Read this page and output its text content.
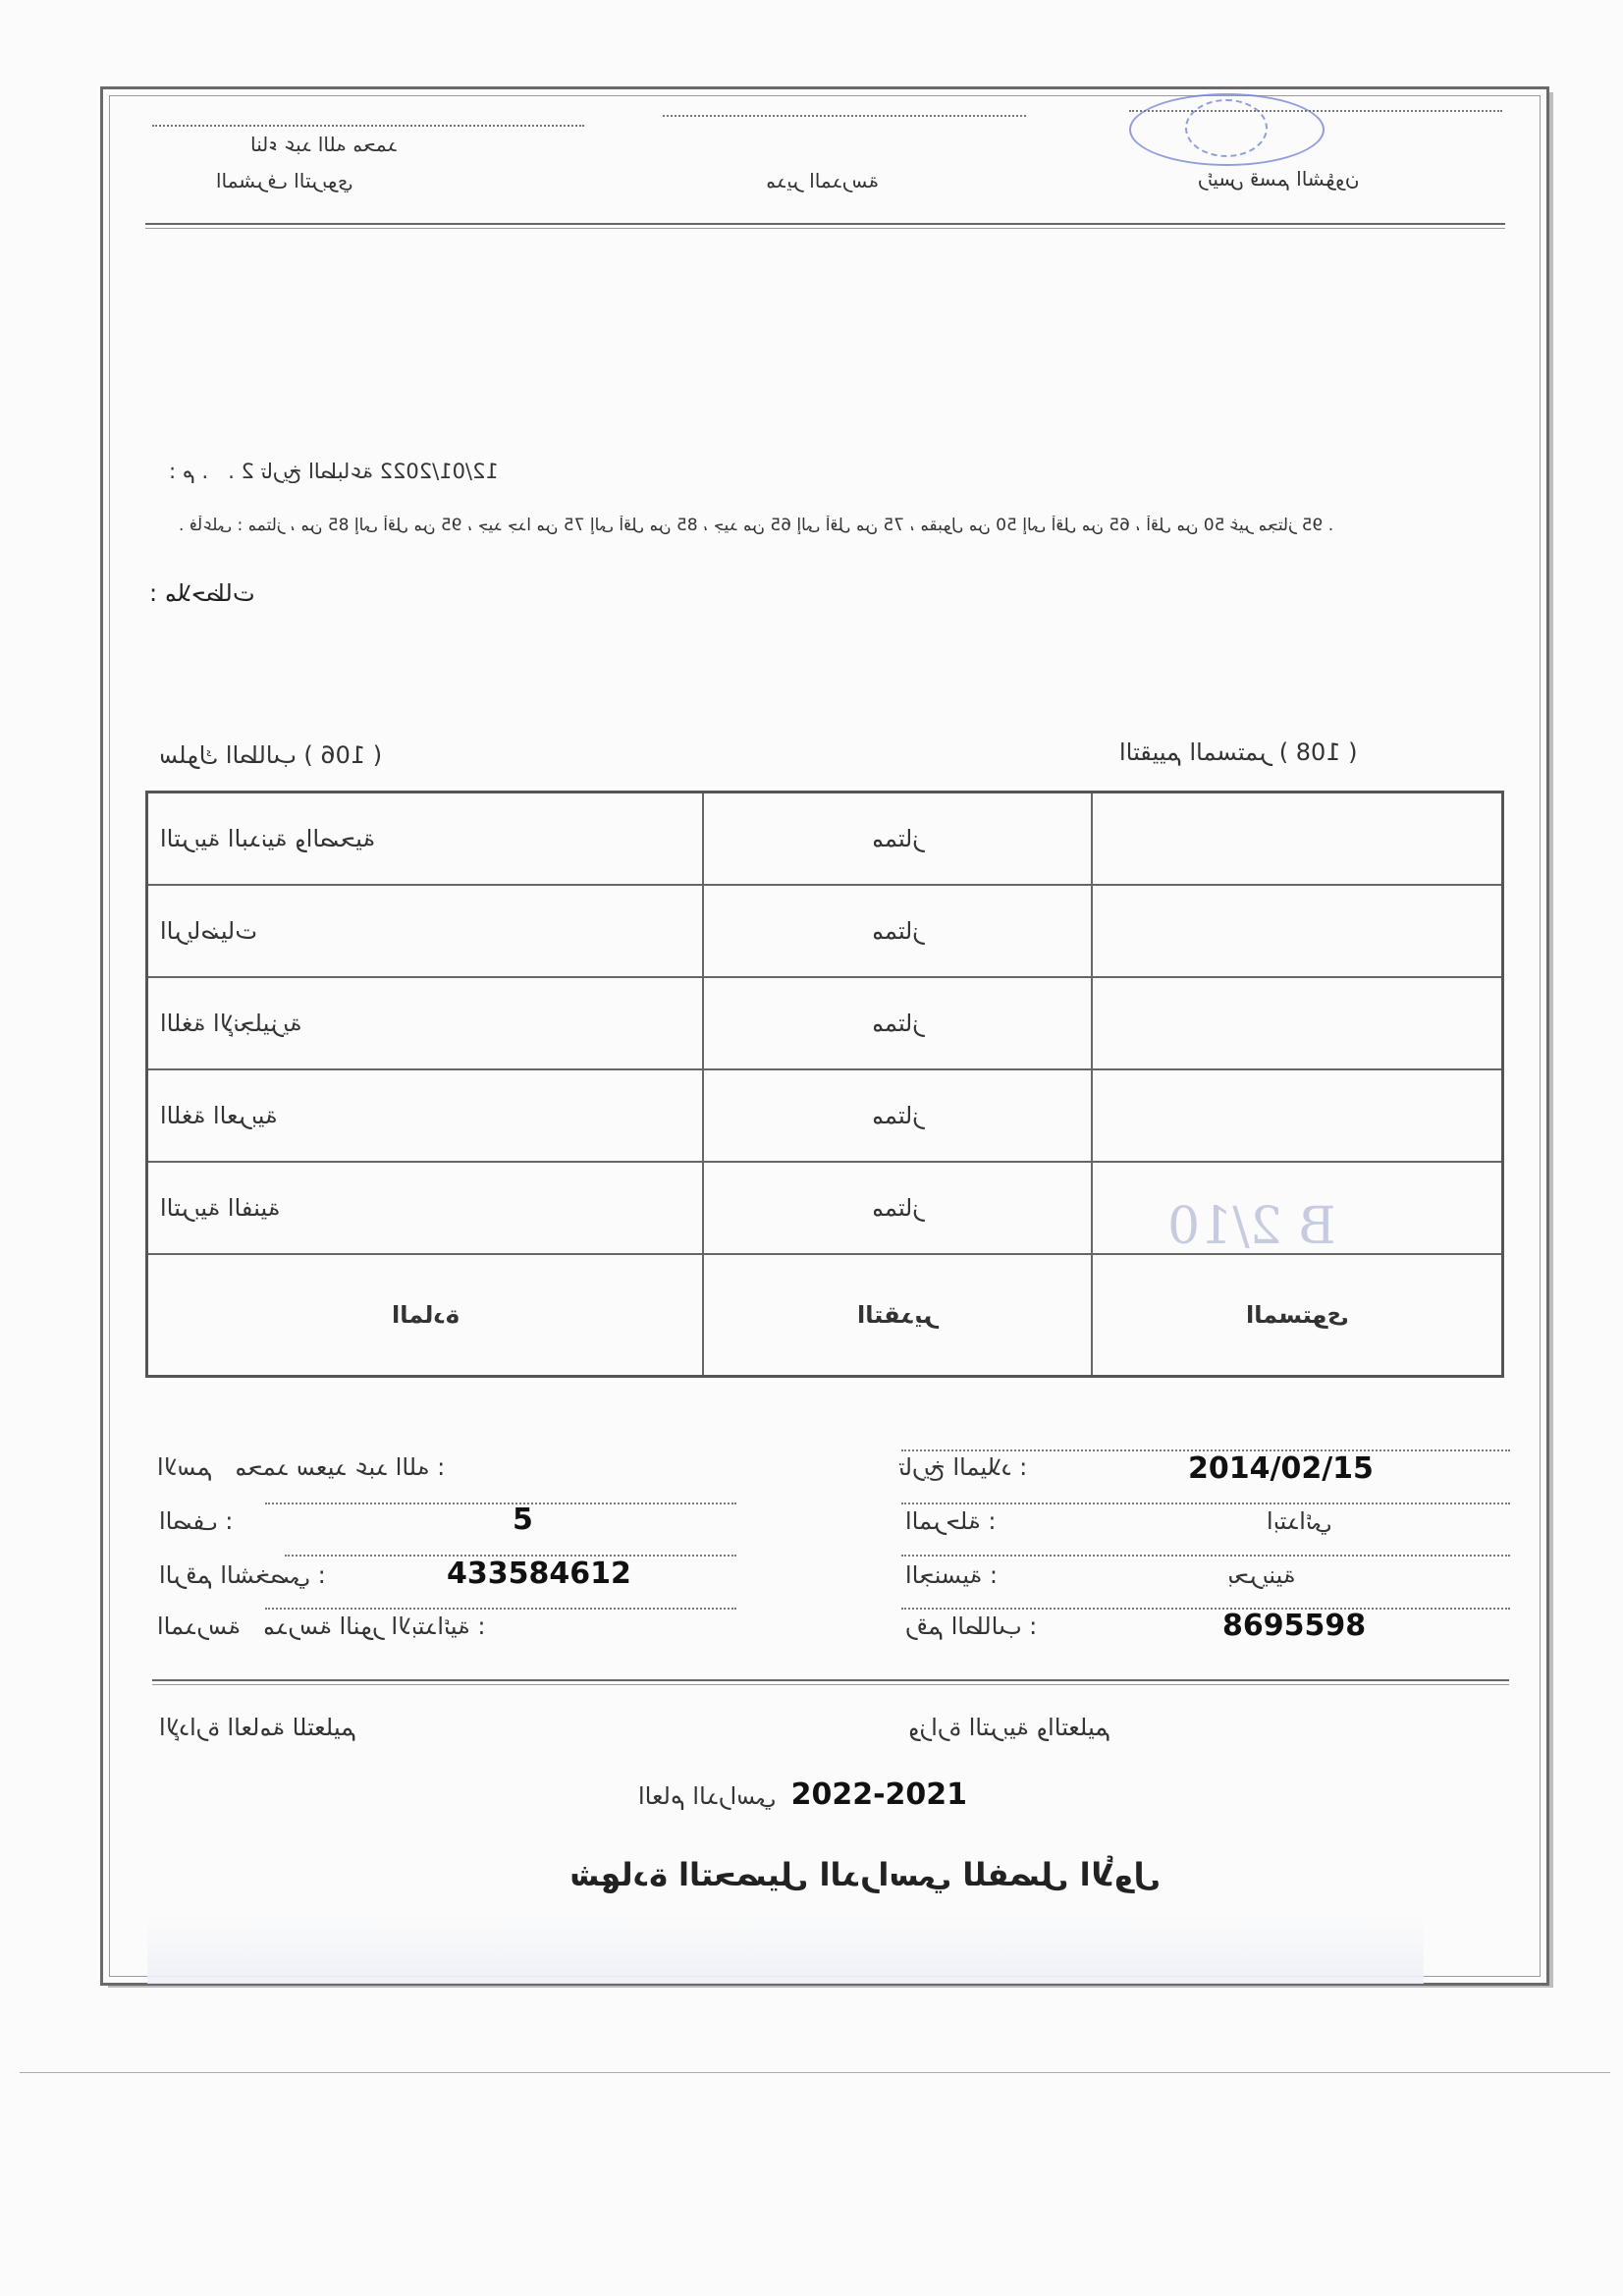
ﻟﻨﺎﺀ ﻋﺒﺪ ﺍﻟﻠﻪ ﻣﺤﻤﺪ
ﺍﻟﻤﺸﺮﻑ ﺍﻟﺘﺮﺑﻮﻱ	ﻣﺪﻳﺮ ﺍﻟﻤﺪﺭﺳﺔ	ﺭﺋﻴﺲ ﻗﺴﻢ ﺍﻟﺸﺆﻭﻥ
12/01/2022 ﻡ . . 2 ﺗﺎﺭﻳﺦ ﺍﻟﻄﺒﺎﻋﺔ :
. 95 ﻓﺄﻋﻠﻰ : ﻣﻤﺘﺎﺯ ، ﻣﻦ 85 ﺇﻟﻰ ﺃﻗﻞ ﻣﻦ 95 ، ﺟﻴﺪ ﺟﺪﺍ ﻣﻦ 75 ﺇﻟﻰ ﺃﻗﻞ ﻣﻦ 85 ، ﺟﻴﺪ ﻣﻦ 65 ﺇﻟﻰ ﺃﻗﻞ ﻣﻦ 75 ، ﻣﻘﺒﻮﻝ ﻣﻦ 50 ﺇﻟﻰ ﺃﻗﻞ ﻣﻦ 65 ، ﺃﻗﻞ ﻣﻦ 50 ﻏﻴﺮ ﻣﺠﺘﺎﺯ .
ﻣﻼﺣﻈﺎﺕ :
( 108 ) ﺍﻟﺘﻘﻴﻴﻢ ﺍﻟﻤﺴﺘﻤﺮ
( 106 ) ﺳﻠﻮﻙ ﺍﻟﻄﺎﻟﺐ
ﺍﻟﺘﺮﺑﻴﺔ ﺍﻟﺒﺪﻧﻴﺔ ﻭﺍﻟﺼﺤﻴﺔ	ﻣﻤﺘﺎﺯ	
ﺍﻟﺮﻳﺎﺿﻴﺎﺕ	ﻣﻤﺘﺎﺯ	
ﺍﻟﻠﻐﺔ ﺍﻹﻧﺠﻠﻴﺰﻳﺔ	ﻣﻤﺘﺎﺯ	
ﺍﻟﻠﻐﺔ ﺍﻟﻌﺮﺑﻴﺔ	ﻣﻤﺘﺎﺯ	
ﺍﻟﺘﺮﺑﻴﺔ ﺍﻟﻔﻨﻴﺔ	ﻣﻤﺘﺎﺯ B 2/10	

ﺍﻟﻤﺎﺩﺓ	ﺍﻟﺘﻘﺪﻳﺮ	ﺍﻟﻤﺴﺘﻮﻯ
: ﺗﺎﺭﻳﺦ ﺍﻟﻤﻴﻼﺩ	2014/02/15
: ﺍﻟﻤﺮﺣﻠﺔ	ﺍﺑﺘﺪﺍﺋﻲ
: ﺍﻟﺠﻨﺴﻴﺔ	ﺑﺤﺮﻳﻨﻴﺔ
: ﺭﻗﻢ ﺍﻟﻄﺎﻟﺐ	8695598
: ﺍﻻﺳﻢ ﻣﺤﻤﺪ ﺳﻌﻴﺪ ﻋﺒﺪ ﺍﻟﻠﻪ
: ﺍﻟﺼﻒ	5
: ﺍﻟﺮﻗﻢ ﺍﻟﺸﺨﺼﻲ	433584612
: ﺍﻟﻤﺪﺭﺳﺔ ﻣﺪﺭﺳﺔ ﺍﻟﻨﻮﺭ ﺍﻻﺑﺘﺪﺍﺋﻴﺔ
ﻭﺯﺍﺭﺓ ﺍﻟﺘﺮﺑﻴﺔ ﻭﺍﻟﺘﻌﻠﻴﻢ
ﺍﻹﺩﺍﺭﺓ ﺍﻟﻌﺎﻣﺔ ﻟﻠﺘﻌﻠﻴﻢ
2022-2021   ﺍﻟﻌﺎﻡ ﺍﻟﺪﺭﺍﺳﻲ
ﺷﻬﺎﺩﺓ ﺍﻟﺘﺤﺼﻴﻞ ﺍﻟﺪﺭﺍﺳﻲ ﻟﻠﻔﺼﻞ ﺍﻷﻭﻝ
